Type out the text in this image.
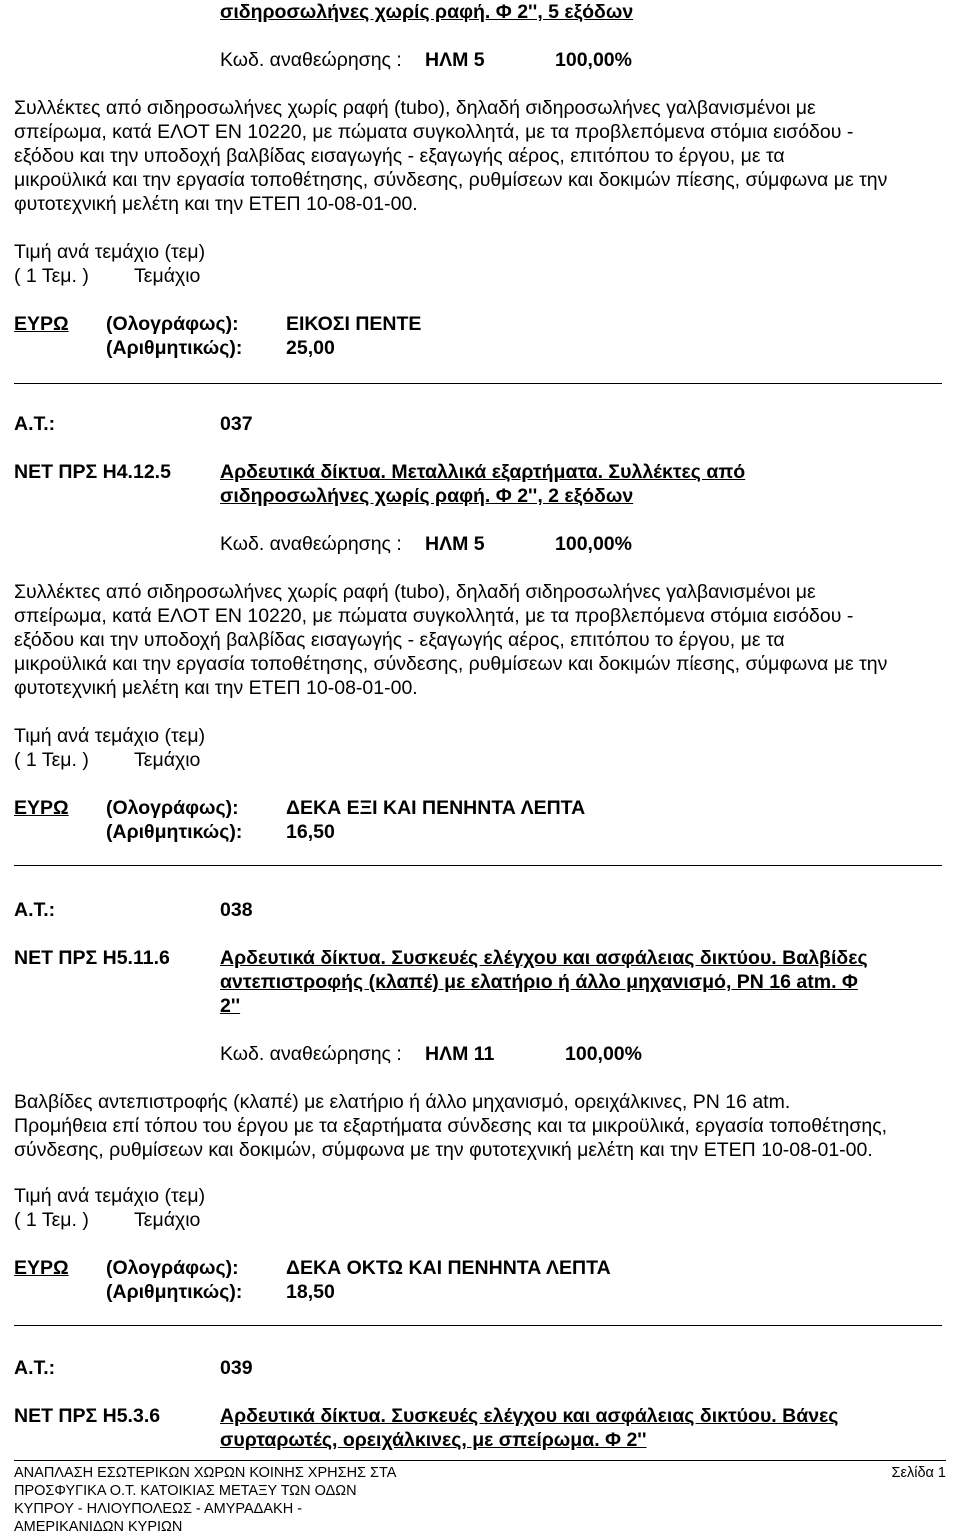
σιδηροσωλήνες χωρίς ραφή. Φ 2'', 5 εξόδων
Κωδ. αναθεώρησης : ΗΛΜ 5	100,00%
Συλλέκτες από σιδηροσωλήνες χωρίς ραφή (tubo), δηλαδή σιδηροσωλήνες γαλβανισμένοι με
σπείρωμα, κατά ΕΛΟΤ ΕΝ 10220, με πώματα συγκολλητά, με τα προβλεπόμενα στόμια εισόδου -
εξόδου και την υποδοχή βαλβίδας εισαγωγής - εξαγωγής αέρος, επιτόπου το έργου, με τα
μικροϋλικά και την εργασία τοποθέτησης, σύνδεσης, ρυθμίσεων και δοκιμών πίεσης, σύμφωνα με την
φυτοτεχνική μελέτη και την ΕΤΕΠ 10-08-01-00.
Τιμή ανά τεμάχιο (τεμ)
( 1 Τεμ. ) Τεμάχιο
ΕΥΡΩ (Ολογράφως): ΕΙΚΟΣΙ ΠΕΝΤΕ
(Αριθμητικώς): 25,00
Α.Τ.:	037
ΝΕΤ ΠΡΣ Η4.12.5	Αρδευτικά δίκτυα. Μεταλλικά εξαρτήματα. Συλλέκτες από
σιδηροσωλήνες χωρίς ραφή. Φ 2'', 2 εξόδων
Κωδ. αναθεώρησης : ΗΛΜ 5	100,00%
Συλλέκτες από σιδηροσωλήνες χωρίς ραφή (tubo), δηλαδή σιδηροσωλήνες γαλβανισμένοι με
σπείρωμα, κατά ΕΛΟΤ ΕΝ 10220, με πώματα συγκολλητά, με τα προβλεπόμενα στόμια εισόδου -
εξόδου και την υποδοχή βαλβίδας εισαγωγής - εξαγωγής αέρος, επιτόπου το έργου, με τα
μικροϋλικά και την εργασία τοποθέτησης, σύνδεσης, ρυθμίσεων και δοκιμών πίεσης, σύμφωνα με την
φυτοτεχνική μελέτη και την ΕΤΕΠ 10-08-01-00.
Τιμή ανά τεμάχιο (τεμ)
( 1 Τεμ. ) Τεμάχιο
ΕΥΡΩ (Ολογράφως): ΔΕΚΑ ΕΞΙ ΚΑΙ ΠΕΝΗΝΤΑ ΛΕΠΤΑ
(Αριθμητικώς): 16,50
Α.Τ.:	038
ΝΕΤ ΠΡΣ Η5.11.6	Αρδευτικά δίκτυα. Συσκευές ελέγχου και ασφάλειας δικτύου. Βαλβίδες
αντεπιστροφής (κλαπέ) με ελατήριο ή άλλο μηχανισμό, PN 16 atm. Φ
2''
Κωδ. αναθεώρησης : ΗΛΜ 11	100,00%
Βαλβίδες αντεπιστροφής (κλαπέ) με ελατήριο ή άλλο μηχανισμό, ορειχάλκινες, PN 16 atm.
Προμήθεια επί τόπου του έργου με τα εξαρτήματα σύνδεσης και τα μικροϋλικά, εργασία τοποθέτησης,
σύνδεσης, ρυθμίσεων και δοκιμών, σύμφωνα με την φυτοτεχνική μελέτη και την ΕΤΕΠ 10-08-01-00.
Τιμή ανά τεμάχιο (τεμ)
( 1 Τεμ. ) Τεμάχιο
ΕΥΡΩ (Ολογράφως): ΔΕΚΑ ΟΚΤΩ ΚΑΙ ΠΕΝΗΝΤΑ ΛΕΠΤΑ
(Αριθμητικώς): 18,50
Α.Τ.:	039
ΝΕΤ ΠΡΣ Η5.3.6	Αρδευτικά δίκτυα. Συσκευές ελέγχου και ασφάλειας δικτύου. Βάνες
συρταρωτές, ορειχάλκινες, με σπείρωμα. Φ 2''
ΑΝΑΠΛΑΣΗ ΕΣΩΤΕΡΙΚΩΝ ΧΩΡΩΝ ΚΟΙΝΗΣ ΧΡΗΣΗΣ ΣΤΑ
ΠΡΟΣΦΥΓΙΚΑ Ο.Τ. ΚΑΤΟΙΚΙΑΣ ΜΕΤΑΞΥ ΤΩΝ ΟΔΩΝ
ΚΥΠΡΟΥ - ΗΛΙΟΥΠΟΛΕΩΣ - ΑΜΥΡΑΔΑΚΗ -
ΑΜΕΡΙΚΑΝΙΔΩΝ ΚΥΡΙΩΝ
Σελίδα 1
